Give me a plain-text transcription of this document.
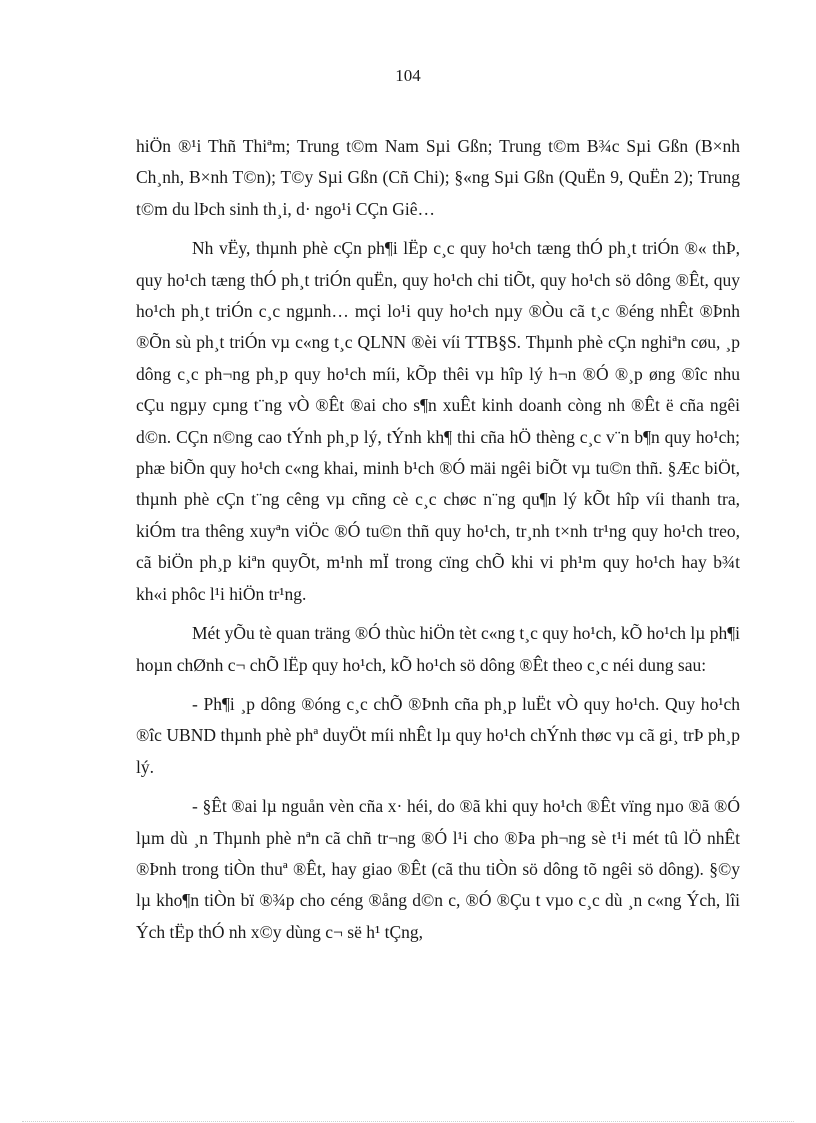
104

hiÖn ®¹i Thñ Thiªm; Trung t©m Nam Sµi Gßn; Trung t©m B¾c Sµi Gßn (B×nh Ch¸nh, B×nh T©n); T©y Sµi Gßn (Cñ Chi); §«ng Sµi Gßn (QuËn 9, QuËn 2); Trung t©m du lÞch sinh th¸i, d· ngo¹i CÇn Giê…

Nh vËy, thµnh phè cÇn ph¶i lËp c¸c quy ho¹ch tæng thÓ ph¸t triÓn ®« thÞ, quy ho¹ch tæng thÓ ph¸t triÓn quËn, quy ho¹ch chi tiÕt, quy ho¹ch sö dông ®Êt, quy ho¹ch ph¸t triÓn c¸c ngµnh… mçi lo¹i quy ho¹ch nµy ®Òu cã t¸c ®éng nhÊt ®Þnh ®Õn sù ph¸t triÓn vµ c«ng t¸c QLNN ®èi víi TTB§S. Thµnh phè cÇn nghiªn cøu, ¸p dông c¸c ph¬ng ph¸p quy ho¹ch míi, kÕp thêi vµ hîp lý h¬n ®Ó ®¸p øng ®îc nhu cÇu ngµy cµng t¨ng vÒ ®Êt ®ai cho s¶n xuÊt kinh doanh còng nh ®Êt ë cña ngêi d©n. CÇn n©ng cao tÝnh ph¸p lý, tÝnh kh¶ thi cña hÖ thèng c¸c v¨n b¶n quy ho¹ch; phæ biÕn quy ho¹ch c«ng khai, minh b¹ch ®Ó mäi ngêi biÕt vµ tu©n thñ. §Æc biÖt, thµnh phè cÇn t¨ng cêng vµ cñng cè c¸c chøc n¨ng qu¶n lý kÕt hîp víi thanh tra, kiÓm tra thêng xuyªn viÖc ®Ó tu©n thñ quy ho¹ch, tr¸nh t×nh tr¹ng quy ho¹ch treo, cã biÖn ph¸p kiªn quyÕt, m¹nh mÏ trong cïng chÕ khi vi ph¹m quy ho¹ch hay b¾t kh«i phôc l¹i hiÖn tr¹ng.

Mét yÕu tè quan träng ®Ó thùc hiÖn tèt c«ng t¸c quy ho¹ch, kÕ ho¹ch lµ ph¶i hoµn chØnh c¬ chÕ lËp quy ho¹ch, kÕ ho¹ch sö dông ®Êt theo c¸c néi dung sau:

- Ph¶i ¸p dông ®óng c¸c chÕ ®Þnh cña ph¸p luËt vÒ quy ho¹ch. Quy ho¹ch ®îc UBND thµnh phè phª duyÖt míi nhÊt lµ quy ho¹ch chÝnh thøc vµ cã gi¸ trÞ ph¸p lý.

- §Êt ®ai lµ nguån vèn cña x· héi, do ®ã khi quy ho¹ch ®Êt vïng nµo ®ã ®Ó lµm dù ¸n Thµnh phè nªn cã chñ tr¬ng ®Ó l¹i cho ®Þa ph¬ng sè t¹i mét tû lÖ nhÊt ®Þnh trong tiÒn thuª ®Êt, hay giao ®Êt (cã thu tiÒn sö dông tõ ngêi sö dông). §©y lµ kho¶n tiÒn bï ®¾p cho céng ®ång d©n c, ®Ó ®Çu t vµo c¸c dù ¸n c«ng Ých, lîi Ých tËp thÓ nh x©y dùng c¬ së h¹ tÇng,
